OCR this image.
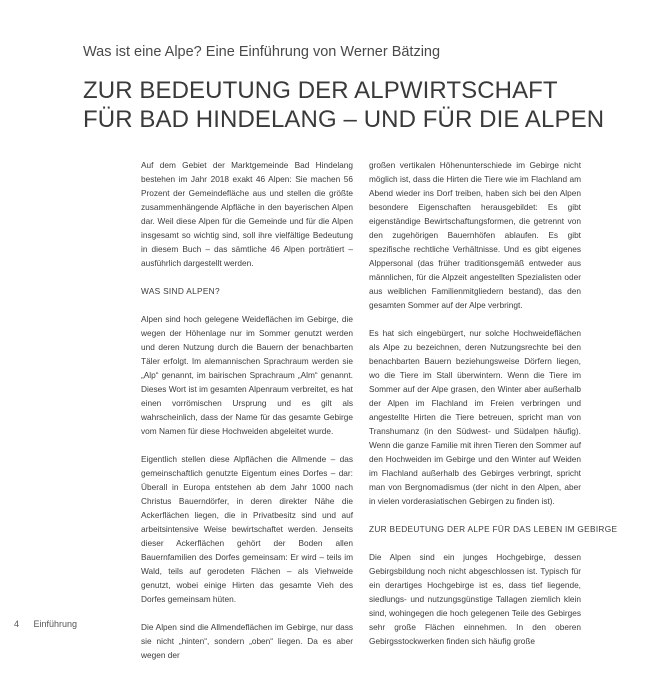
Was ist eine Alpe? Eine Einführung von Werner Bätzing
ZUR BEDEUTUNG DER ALPWIRTSCHAFT
FÜR BAD HINDELANG – UND FÜR DIE ALPEN

Auf dem Gebiet der Marktgemeinde Bad Hindelang bestehen im Jahr 2018 exakt 46 Alpen: Sie machen 56 Prozent der Gemeindefläche aus und stellen die größte zusammenhängende Alpfläche in den bayerischen Alpen dar. Weil diese Alpen für die Gemeinde und für die Alpen insgesamt so wichtig sind, soll ihre vielfältige Bedeutung in diesem Buch – das sämtliche 46 Alpen porträtiert – ausführlich dargestellt werden.

WAS SIND ALPEN?

Alpen sind hoch gelegene Weideflächen im Gebirge, die wegen der Höhenlage nur im Sommer genutzt werden und deren Nutzung durch die Bauern der benachbarten Täler erfolgt. Im alemannischen Sprachraum werden sie „Alp“ genannt, im bairischen Sprachraum „Alm“ genannt. Dieses Wort ist im gesamten Alpenraum verbreitet, es hat einen vorrömischen Ursprung und es gilt als wahrscheinlich, dass der Name für das gesamte Gebirge vom Namen für diese Hochweiden abgeleitet wurde.

Eigentlich stellen diese Alpflächen die Allmende – das gemeinschaftlich genutzte Eigentum eines Dorfes – dar: Überall in Europa entstehen ab dem Jahr 1000 nach Christus Bauerndörfer, in deren direkter Nähe die Ackerflächen liegen, die in Privatbesitz sind und auf arbeitsintensive Weise bewirtschaftet werden. Jenseits dieser Ackerflächen gehört der Boden allen Bauernfamilien des Dorfes gemeinsam: Er wird – teils im Wald, teils auf gerodeten Flächen – als Viehweide genutzt, wobei einige Hirten das gesamte Vieh des Dorfes gemeinsam hüten.

Die Alpen sind die Allmendeflächen im Gebirge, nur dass sie nicht „hinten“, sondern „oben“ liegen. Da es aber wegen der

großen vertikalen Höhenunterschiede im Gebirge nicht möglich ist, dass die Hirten die Tiere wie im Flachland am Abend wieder ins Dorf treiben, haben sich bei den Alpen besondere Eigenschaften herausgebildet: Es gibt eigenständige Bewirtschaftungsformen, die getrennt von den zugehörigen Bauernhöfen ablaufen. Es gibt spezifische rechtliche Verhältnisse. Und es gibt eigenes Alppersonal (das früher traditionsgemäß entweder aus männlichen, für die Alpzeit angestellten Spezialisten oder aus weiblichen Familienmitgliedern bestand), das den gesamten Sommer auf der Alpe verbringt.

Es hat sich eingebürgert, nur solche Hochweideflächen als Alpe zu bezeichnen, deren Nutzungsrechte bei den benachbarten Bauern beziehungsweise Dörfern liegen, wo die Tiere im Stall überwintern. Wenn die Tiere im Sommer auf der Alpe grasen, den Winter aber außerhalb der Alpen im Flachland im Freien verbringen und angestellte Hirten die Tiere betreuen, spricht man von Transhumanz (in den Südwest- und Südalpen häufig). Wenn die ganze Familie mit ihren Tieren den Sommer auf den Hochweiden im Gebirge und den Winter auf Weiden im Flachland außerhalb des Gebirges verbringt, spricht man von Bergnomadismus (der nicht in den Alpen, aber in vielen vorderasiatischen Gebirgen zu finden ist).

ZUR BEDEUTUNG DER ALPE FÜR DAS LEBEN IM GEBIRGE

Die Alpen sind ein junges Hochgebirge, dessen Gebirgsbildung noch nicht abgeschlossen ist. Typisch für ein derartiges Hochgebirge ist es, dass tief liegende, siedlungs- und nutzungsgünstige Tallagen ziemlich klein sind, wohingegen die hoch gelegenen Teile des Gebirges sehr große Flächen einnehmen. In den oberen Gebirgsstockwerken finden sich häufig große

4 Einführung
